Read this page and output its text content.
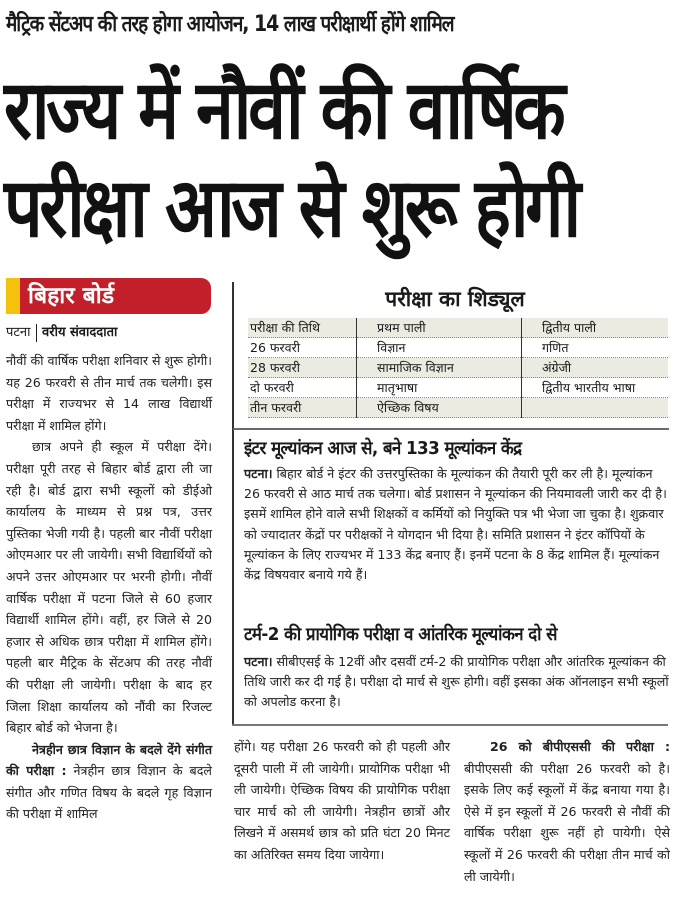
मैट्रिक सेंटअप की तरह होगा आयोजन, 14 लाख परीक्षार्थी होंगे शामिल
राज्य में नौवीं की वार्षिक
परीक्षा आज से शुरू होगी
बिहार बोर्ड
पटना वरीय संवाददाता

नौवीं की वार्षिक परीक्षा शनिवार से शुरू होगी। यह 26 फरवरी से तीन मार्च तक चलेगी। इस परीक्षा में राज्यभर से 14 लाख विद्यार्थी परीक्षा में शामिल होंगे।

छात्र अपने ही स्कूल में परीक्षा देंगे। परीक्षा पूरी तरह से बिहार बोर्ड द्वारा ली जा रही है। बोर्ड द्वारा सभी स्कूलों को डीईओ कार्यालय के माध्यम से प्रश्न पत्र, उत्तर पुस्तिका भेजी गयी है। पहली बार नौवीं परीक्षा ओएमआर पर ली जायेगी। सभी विद्यार्थियों को अपने उत्तर ओएमआर पर भरनी होगी। नौवीं वार्षिक परीक्षा में पटना जिले से 60 हजार विद्यार्थी शामिल होंगे। वहीं, हर जिले से 20 हजार से अधिक छात्र परीक्षा में शामिल होंगे। पहली बार मैट्रिक के सेंटअप की तरह नौवीं की परीक्षा ली जायेगी। परीक्षा के बाद हर जिला शिक्षा कार्यालय को नौंवी का रिजल्ट बिहार बोर्ड को भेजना है।

नेत्रहीन छात्र विज्ञान के बदले देंगे संगीत की परीक्षा : नेत्रहीन छात्र विज्ञान के बदले संगीत और गणित विषय के बदले गृह विज्ञान की परीक्षा में शामिल

परीक्षा का शिड्यूल
परीक्षा की तिथि	प्रथम पाली	द्वितीय पाली
26 फरवरी	विज्ञान	गणित
28 फरवरी	सामाजिक विज्ञान	अंग्रेजी
दो फरवरी	मातृभाषा	द्वितीय भारतीय भाषा
तीन फरवरी	ऐच्छिक विषय	
इंटर मूल्यांकन आज से, बने 133 मूल्यांकन केंद्र
पटना। बिहार बोर्ड ने इंटर की उत्तरपुस्तिका के मूल्यांकन की तैयारी पूरी कर ली है। मूल्यांकन 26 फरवरी से आठ मार्च तक चलेगा। बोर्ड प्रशासन ने मूल्यांकन की नियमावली जारी कर दी है। इसमें शामिल होने वाले सभी शिक्षकों व कर्मियों को नियुक्ति पत्र भी भेजा जा चुका है। शुक्रवार को ज्यादातर केंद्रों पर परीक्षकों ने योगदान भी दिया है। समिति प्रशासन ने इंटर कॉपियों के मूल्यांकन के लिए राज्यभर में 133 केंद्र बनाए हैं। इनमें पटना के 8 केंद्र शामिल हैं। मूल्यांकन केंद्र विषयवार बनाये गये हैं।
टर्म-2 की प्रायोगिक परीक्षा व आंतरिक मूल्यांकन दो से
पटना। सीबीएसई के 12वीं और दसवीं टर्म-2 की प्रायोगिक परीक्षा और आंतरिक मूल्यांकन की तिथि जारी कर दी गई है। परीक्षा दो मार्च से शुरू होगी। वहीं इसका अंक ऑनलाइन सभी स्कूलों को अपलोड करना है।

होंगे। यह परीक्षा 26 फरवरी को ही पहली और दूसरी पाली में ली जायेगी। प्रायोगिक परीक्षा भी ली जायेगी। ऐच्छिक विषय की प्रायोगिक परीक्षा चार मार्च को ली जायेगी। नेत्रहीन छात्रों और लिखने में असमर्थ छात्र को प्रति घंटा 20 मिनट का अतिरिक्त समय दिया जायेगा।

26 को बीपीएससी की परीक्षा : बीपीएससी की परीक्षा 26 फरवरी को है। इसके लिए कई स्कूलों में केंद्र बनाया गया है। ऐसे में इन स्कूलों में 26 फरवरी से नौवीं की वार्षिक परीक्षा शुरू नहीं हो पायेगी। ऐसे स्कूलों में 26 फरवरी की परीक्षा तीन मार्च को ली जायेगी।
